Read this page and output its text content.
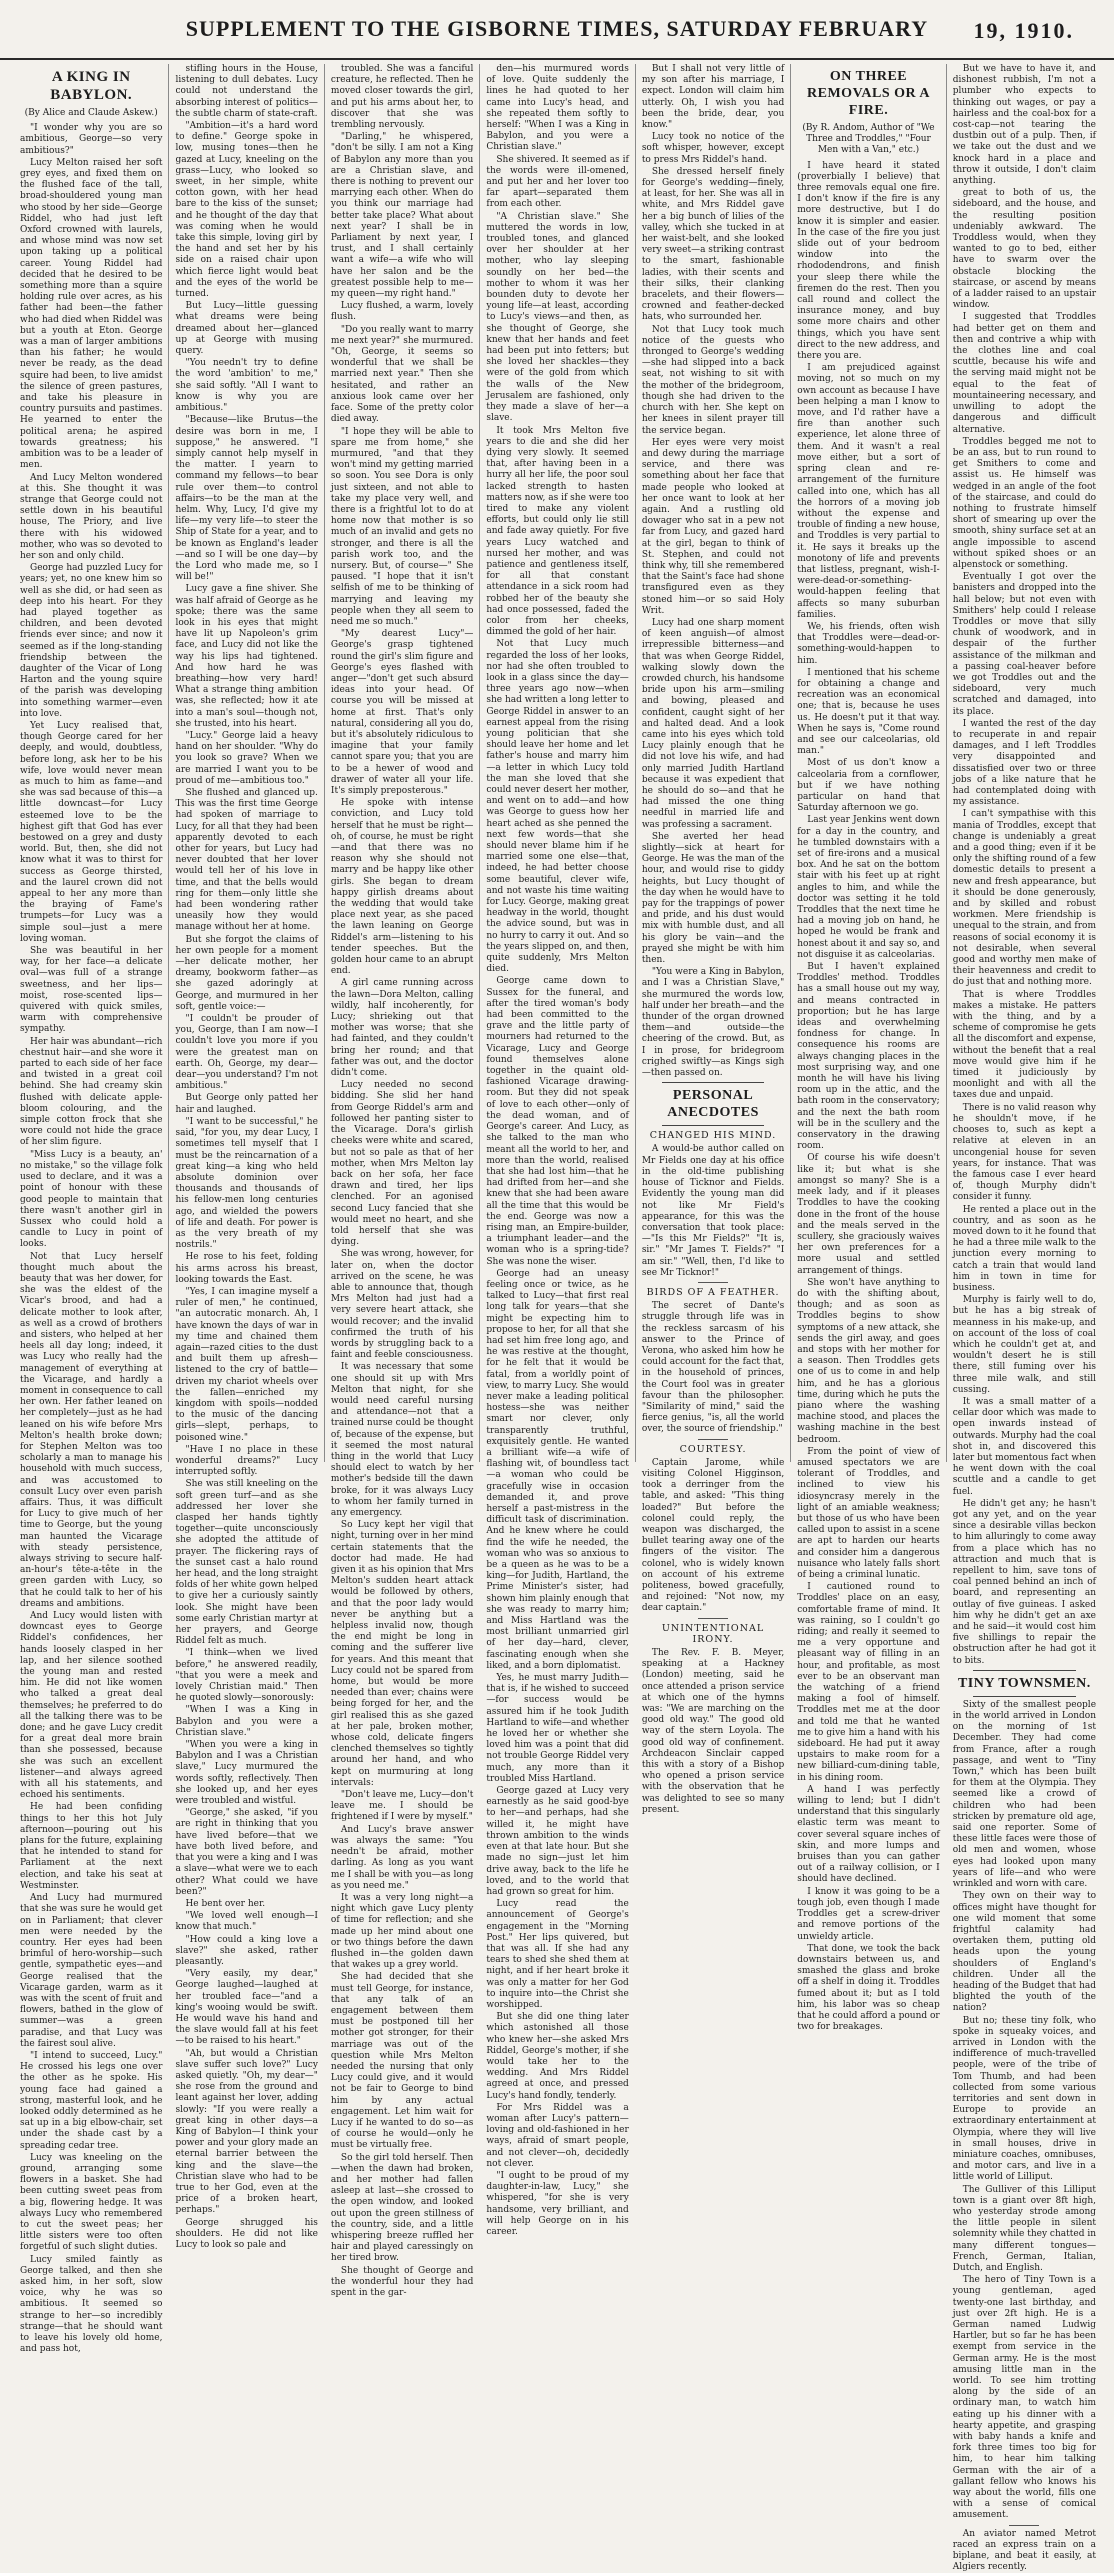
SUPPLEMENT TO THE GISBORNE TIMES, SATURDAY FEBRUARY 19, 1910.
A KING IN BABYLON.
(By Alice and Claude Askew.)

"I wonder why you are so ambitious, George—so very ambitious?"

Lucy Melton raised her soft grey eyes, and fixed them on the flushed face of the tall, broad-shouldered young man who stood by her side—George Riddel, who had just left Oxford crowned with laurels, and whose mind was now set upon taking up a political career. Young Riddel had decided that he desired to be something more than a squire holding rule over acres, as his father had been—the father who had died when Riddel was but a youth at Eton. George was a man of larger ambitions than his father; he would never be ready, as the dead squire had been, to live amidst the silence of green pastures, and take his pleasure in country pursuits and pastimes. He yearned to enter the political arena; he aspired towards greatness; his ambition was to be a leader of men.

And Lucy Melton wondered at this. She thought it was strange that George could not settle down in his beautiful house, The Priory, and live there with his widowed mother, who was so devoted to her son and only child.

George had puzzled Lucy for years; yet, no one knew him so well as she did, or had seen as deep into his heart. For they had played together as children, and been devoted friends ever since; and now it seemed as if the long-standing friendship between the daughter of the Vicar of Long Harton and the young squire of the parish was developing into something warmer—even into love.

Yet Lucy realised that, though George cared for her deeply, and would, doubtless, before long, ask her to be his wife, love would never mean as much to him as fame—and she was sad because of this—a little downcast—for Lucy esteemed love to be the highest gift that God has ever bestowed on a grey and dusty world. But, then, she did not know what it was to thirst for success as George thirsted, and the laurel crown did not appeal to her any more than the braying of Fame's trumpets—for Lucy was a simple soul—just a mere loving woman.

She was beautiful in her way, for her face—a delicate oval—was full of a strange sweetness, and her lips—moist, rose-scented lips—quivered with quick smiles, warm with comprehensive sympathy.

Her hair was abundant—rich chestnut hair—and she wore it parted to each side of her face and twisted in a great coil behind. She had creamy skin flushed with delicate apple-bloom colouring, and the simple cotton frock that she wore could not hide the grace of her slim figure.

"Miss Lucy is a beauty, an' no mistake," so the village folk used to declare, and it was a point of honour with these good people to maintain that there wasn't another girl in Sussex who could hold a candle to Lucy in point of looks.

Not that Lucy herself thought much about the beauty that was her dower, for she was the eldest of the Vicar's brood, and had a delicate mother to look after, as well as a crowd of brothers and sisters, who helped at her heels all day long; indeed, it was Lucy who really had the management of everything at the Vicarage, and hardly a moment in consequence to call her own. Her father leaned on her completely—just as he had leaned on his wife before Mrs Melton's health broke down; for Stephen Melton was too scholarly a man to manage his household with much success, and was accustomed to consult Lucy over even parish affairs. Thus, it was difficult for Lucy to give much of her time to George, but the young man haunted the Vicarage with steady persistence, always striving to secure half-an-hour's tête-a-tête in the green garden with Lucy, so that he could talk to her of his dreams and ambitions.

And Lucy would listen with downcast eyes to George Riddel's confidences, her hands loosely clasped in her lap, and her silence soothed the young man and rested him. He did not like women who talked a great deal themselves; he preferred to do all the talking there was to be done; and he gave Lucy credit for a great deal more brain than she possessed, because she was such an excellent listener—and always agreed with all his statements, and echoed his sentiments.

He had been confiding things to her this hot July afternoon—pouring out his plans for the future, explaining that he intended to stand for Parliament at the next election, and take his seat at Westminster.

And Lucy had murmured that she was sure he would get on in Parliament; that clever men were needed by the country. Her eyes had been brimful of hero-worship—such gentle, sympathetic eyes—and George realised that the Vicarage garden, warm as it was with the scent of fruit and flowers, bathed in the glow of summer—was a green paradise, and that Lucy was the fairest soul alive.

"I intend to succeed, Lucy." He crossed his legs one over the other as he spoke. His young face had gained a strong, masterful look, and he looked oddly determined as he sat up in a big elbow-chair, set under the shade cast by a spreading cedar tree.

Lucy was kneeling on the ground, arranging some flowers in a basket. She had been cutting sweet peas from a big, flowering hedge. It was always Lucy who remembered to cut the sweet peas; her little sisters were too often forgetful of such slight duties.

Lucy smiled faintly as George talked, and then she asked him, in her soft, slow voice, why he was so ambitious. It seemed so strange to her—so incredibly strange—that he should want to leave his lovely old home, and pass hot,

stifling hours in the House, listening to dull debates. Lucy could not understand the absorbing interest of politics—the subtle charm of state-craft.

"Ambition—it's a hard word to define." George spoke in low, musing tones—then he gazed at Lucy, kneeling on the grass—Lucy, who looked so sweet, in her simple, white cotton gown, with her head bare to the kiss of the sunset; and he thought of the day that was coming when he would take this simple, loving girl by the hand and set her by his side on a raised chair upon which fierce light would beat and the eyes of the world be turned.

But Lucy—little guessing what dreams were being dreamed about her—glanced up at George with musing query.

"You needn't try to define the word 'ambition' to me," she said softly. "All I want to know is why you are ambitious."

"Because—like Brutus—the desire was born in me, I suppose," he answered. "I simply cannot help myself in the matter. I yearn to command my fellows—to bear rule over them—to control affairs—to be the man at the helm. Why, Lucy, I'd give my life—my very life—to steer the Ship of State for a year, and to be known as England's leader—and so I will be one day—by the Lord who made me, so I will be!"

Lucy gave a fine shiver. She was half afraid of George as he spoke; there was the same look in his eyes that might have lit up Napoleon's grim face, and Lucy did not like the way his lips had tightened. And how hard he was breathing—how very hard! What a strange thing ambition was, she reflected; how it ate into a man's soul—though not, she trusted, into his heart.

"Lucy." George laid a heavy hand on her shoulder. "Why do you look so grave? When we are married I want you to be proud of me—ambitious too."

She flushed and glanced up. This was the first time George had spoken of marriage to Lucy, for all that they had been apparently devoted to each other for years, but Lucy had never doubted that her lover would tell her of his love in time, and that the bells would ring for them—only little she had been wondering rather uneasily how they would manage without her at home.

But she forgot the claims of her own people for a moment—her delicate mother, her dreamy, bookworm father—as she gazed adoringly at George, and murmured in her soft, gentle voice:—

"I couldn't be prouder of you, George, than I am now—I couldn't love you more if you were the greatest man on earth. Oh, George, my dear—dear—you understand? I'm not ambitious."

But George only patted her hair and laughed.

"I want to be successful," he said, "for you, my dear Lucy, I sometimes tell myself that I must be the reincarnation of a great king—a king who held absolute dominion over thousands and thousands of his fellow-men long centuries ago, and wielded the powers of life and death. For power is as the very breath of my nostrils."

He rose to his feet, folding his arms across his breast, looking towards the East.

"Yes, I can imagine myself a ruler of men," he continued, "an autocratic monarch. Ah, I have known the days of war in my time and chained them again—razed cities to the dust and built them up afresh—listened to the cry of battle—driven my chariot wheels over the fallen—enriched my kingdom with spoils—nodded to the music of the dancing girls—slept, perhaps, to poisoned wine."

"Have I no place in these wonderful dreams?" Lucy interrupted softly.

She was still kneeling on the soft green turf—and as she addressed her lover she clasped her hands tightly together—quite unconsciously she adopted the attitude of prayer. The flickering rays of the sunset cast a halo round her head, and the long straight folds of her white gown helped to give her a curiously saintly look. She might have been some early Christian martyr at her prayers, and George Riddel felt as much.

"I think—when we lived before," he answered readily, "that you were a meek and lovely Christian maid." Then he quoted slowly—sonorously:

"When I was a King in Babylon and you were a Christian slave."

"When you were a king in Babylon and I was a Christian slave," Lucy murmured the words softly, reflectively. Then she looked up, and her eyes were troubled and wistful.

"George," she asked, "if you are right in thinking that you have lived before—that we have both lived before, and that you were a king and I was a slave—what were we to each other? What could we have been?"

He bent over her.

"We loved well enough—I know that much."

"How could a king love a slave?" she asked, rather pleasantly.

"Very easily, my dear," George laughed—laughed at her troubled face—"and a king's wooing would be swift. He would wave his hand and the slave would fall at his feet—to be raised to his heart."

"Ah, but would a Christian slave suffer such love?" Lucy asked quietly. "Oh, my dear—" she rose from the ground and leant against her lover, adding slowly: "If you were really a great king in other days—a King of Babylon—I think your power and your glory made an eternal barrier between the king and the slave—the Christian slave who had to be true to her God, even at the price of a broken heart, perhaps."

George shrugged his shoulders. He did not like Lucy to look so pale and

troubled. She was a fanciful creature, he reflected. Then he moved closer towards the girl, and put his arms about her, to discover that she was trembling nervously.

"Darling," he whispered, "don't be silly. I am not a King of Babylon any more than you are a Christian slave, and there is nothing to prevent our marrying each other. When do you think our marriage had better take place? What about next year? I shall be in Parliament by next year, I trust, and I shall certainly want a wife—a wife who will have her salon and be the greatest possible help to me—my queen—my right hand."

Lucy flushed, a warm, lovely flush.

"Do you really want to marry me next year?" she murmured. "Oh, George, it seems so wonderful that we shall be married next year." Then she hesitated, and rather an anxious look came over her face. Some of the pretty color died away.

"I hope they will be able to spare me from home," she murmured, "and that they won't mind my getting married so soon. You see Dora is only just sixteen, and not able to take my place very well, and there is a frightful lot to do at home now that mother is so much of an invalid and gets no stronger, and there is all the parish work too, and the nursery. But, of course—" She paused. "I hope that it isn't selfish of me to be thinking of marrying and leaving my people when they all seem to need me so much."

"My dearest Lucy"—George's grasp tightened round the girl's slim figure and George's eyes flashed with anger—"don't get such absurd ideas into your head. Of course you will be missed at home at first. That's only natural, considering all you do, but it's absolutely ridiculous to imagine that your family cannot spare you; that you are to be a hewer of wood and drawer of water all your life. It's simply preposterous."

He spoke with intense conviction, and Lucy told herself that he must be right—oh, of course, he must be right—and that there was no reason why she should not marry and be happy like other girls. She began to dream happy girlish dreams about the wedding that would take place next year, as she paced the lawn leaning on George Riddel's arm—listening to his tender speeches. But the golden hour came to an abrupt end.

A girl came running across the lawn—Dora Melton, calling wildly, half incoherently, for Lucy; shrieking out that mother was worse; that she had fainted, and they couldn't bring her round; and that father was out, and the doctor didn't come.

Lucy needed no second bidding. She slid her hand from George Riddel's arm and followed her panting sister to the Vicarage. Dora's girlish cheeks were white and scared, but not so pale as that of her mother, when Mrs Melton lay back on her sofa, her face drawn and tired, her lips clenched. For an agonised second Lucy fancied that she would meet no heart, and she told herself that she was dying.

She was wrong, however, for later on, when the doctor arrived on the scene, he was able to announce that, though Mrs Melton had just had a very severe heart attack, she would recover; and the invalid confirmed the truth of his words by struggling back to a faint and feeble consciousness.

It was necessary that some one should sit up with Mrs Melton that night, for she would need careful nursing and attendance—not that a trained nurse could be thought of, because of the expense, but it seemed the most natural thing in the world that Lucy should elect to watch by her mother's bedside till the dawn broke, for it was always Lucy to whom her family turned in any emergency.

So Lucy kept her vigil that night, turning over in her mind certain statements that the doctor had made. He had given it as his opinion that Mrs Melton's sudden heart attack would be followed by others, and that the poor lady would never be anything but a helpless invalid now, though the end might be long in coming and the sufferer live for years. And this meant that Lucy could not be spared from home, but would be more needed than ever; chains were being forged for her, and the girl realised this as she gazed at her pale, broken mother, whose cold, delicate fingers clenched themselves so tightly around her hand, and who kept on murmuring at long intervals:

"Don't leave me, Lucy—don't leave me. I should be frightened if I were by myself."

And Lucy's brave answer was always the same: "You needn't be afraid, mother darling. As long as you want me I shall be with you—as long as you need me."

It was a very long night—a night which gave Lucy plenty of time for reflection; and she made up her mind about one or two things before the dawn flushed in—the golden dawn that wakes up a grey world.

She had decided that she must tell George, for instance, that any talk of an engagement between them must be postponed till her mother got stronger, for their marriage was out of the question while Mrs Melton needed the nursing that only Lucy could give, and it would not be fair to George to bind him by any actual engagement. Let him wait for Lucy if he wanted to do so—as of course he would—only he must be virtually free.

So the girl told herself. Then—when the dawn had broken, and her mother had fallen asleep at last—she crossed to the open window, and looked out upon the green stillness of the country, side, and a little whispering breeze ruffled her hair and played caressingly on her tired brow.

She thought of George and the wonderful hour they had spent in the gar-

den—his murmured words of love. Quite suddenly the lines he had quoted to her came into Lucy's head, and she repeated them softly to herself: "When I was a King in Babylon, and you were a Christian slave."

She shivered. It seemed as if the words were ill-omened, and put her and her lover too far apart—separated them from each other.

"A Christian slave." She muttered the words in low, troubled tones, and glanced over her shoulder at her mother, who lay sleeping soundly on her bed—the mother to whom it was her bounden duty to devote her young life—at least, according to Lucy's views—and then, as she thought of George, she knew that her hands and feet had been put into fetters; but she loved her shackles—they were of the gold from which the walls of the New Jerusalem are fashioned, only they made a slave of her—a slave.

It took Mrs Melton five years to die and she did her dying very slowly. It seemed that, after having been in a hurry all her life, the poor soul lacked strength to hasten matters now, as if she were too tired to make any violent efforts, but could only lie still and fade away quietly. For five years Lucy watched and nursed her mother, and was patience and gentleness itself, for all that constant attendance in a sick room had robbed her of the beauty she had once possessed, faded the color from her cheeks, dimmed the gold of her hair.

Not that Lucy much regarded the loss of her looks, nor had she often troubled to look in a glass since the day—three years ago now—when she had written a long letter to George Riddel in answer to an earnest appeal from the rising young politician that she should leave her home and let father's house and marry him—a letter in which Lucy told the man she loved that she could never desert her mother, and went on to add—and how was George to guess how her heart ached as she penned the next few words—that she should never blame him if he married some one else—that, indeed, he had better choose some beautiful, clever wife, and not waste his time waiting for Lucy. George, making great headway in the world, thought the advice sound, but was in no hurry to carry it out. And so the years slipped on, and then, quite suddenly, Mrs Melton died.

George came down to Sussex for the funeral, and after the tired woman's body had been committed to the grave and the little party of mourners had returned to the Vicarage, Lucy and George found themselves alone together in the quaint old-fashioned Vicarage drawing-room. But they did not speak of love to each other—only of the dead woman, and of George's career. And Lucy, as she talked to the man who meant all the world to her, and more than the world, realised that she had lost him—that he had drifted from her—and she knew that she had been aware all the time that this would be the end. George was now a rising man, an Empire-builder, a triumphant leader—and the woman who is a spring-tide? She was none the wiser.

George had an uneasy feeling once or twice, as he talked to Lucy—that first real long talk for years—that she might be expecting him to propose to her, for all that she had set him free long ago, and he was restive at the thought, for he felt that it would be fatal, from a worldly point of view, to marry Lucy. She would never make a leading political hostess—she was neither smart nor clever, only transparently truthful, exquisitely gentle. He wanted a brilliant wife—a wife of flashing wit, of boundless tact—a woman who could be gracefully wise in occasion demanded it, and prove herself a past-mistress in the difficult task of discrimination. And he knew where he could find the wife he needed, the woman who was so anxious to be a queen as he was to be a king—for Judith, Hartland, the Prime Minister's sister, had shown him plainly enough that she was ready to marry him; and Miss Hartland was the most brilliant unmarried girl of her day—hard, clever, fascinating enough when she liked, and a born diplomatist.

Yes, he must marry Judith—that is, if he wished to succeed—for success would be assured him if he took Judith Hartland to wife—and whether he loved her or whether she loved him was a point that did not trouble George Riddel very much, any more than it troubled Miss Hartland.

George gazed at Lucy very earnestly as he said good-bye to her—and perhaps, had she willed it, he might have thrown ambition to the winds even at that late hour. But she made no sign—just let him drive away, back to the life he loved, and to the world that had grown so great for him.

Lucy read the announcement of George's engagement in the "Morning Post." Her lips quivered, but that was all. If she had any tears to shed she shed them at night, and if her heart broke it was only a matter for her God to inquire into—the Christ she worshipped.

But she did one thing later which astonished all those who knew her—she asked Mrs Riddel, George's mother, if she would take her to the wedding. And Mrs Riddel agreed at once, and pressed Lucy's hand fondly, tenderly.

For Mrs Riddel was a woman after Lucy's pattern—loving and old-fashioned in her ways, afraid of smart people, and not clever—oh, decidedly not clever.

"I ought to be proud of my daughter-in-law, Lucy," she whispered, "for she is very handsome, very brilliant, and will help George on in his career.

But I shall not very little of my son after his marriage, I expect. London will claim him utterly. Oh, I wish you had been the bride, dear, you know."

Lucy took no notice of the soft whisper, however, except to press Mrs Riddel's hand.

She dressed herself finely for George's wedding—finely, at least, for her. She was all in white, and Mrs Riddel gave her a big bunch of lilies of the valley, which she tucked in at her waist-belt, and she looked very sweet—a striking contrast to the smart, fashionable ladies, with their scents and their silks, their clanking bracelets, and their flowers—crowned and feather-decked hats, who surrounded her.

Not that Lucy took much notice of the guests who thronged to George's wedding—she had slipped into a back seat, not wishing to sit with the mother of the bridegroom, though she had driven to the church with her. She kept on her knees in silent prayer till the service began.

Her eyes were very moist and dewy during the marriage service, and there was something about her face that made people who looked at her once want to look at her again. And a rustling old dowager who sat in a pew not far from Lucy, and gazed hard at the girl, began to think of St. Stephen, and could not think why, till she remembered that the Saint's face had shone transfigured even as they stoned him—or so said Holy Writ.

Lucy had one sharp moment of keen anguish—of almost irrepressible bitterness—and that was when George Riddel, walking slowly down the crowded church, his handsome bride upon his arm—smiling and bowing, pleased and confident, caught sight of her and halted dead. And a look came into his eyes which told Lucy plainly enough that he did not love his wife, and had only married Judith Hartland because it was expedient that he should do so—and that he had missed the one thing needful in married life and was professing a sacrament.

She averted her head slightly—sick at heart for George. He was the man of the hour, and would rise to giddy heights, but Lucy thought of the day when he would have to pay for the trappings of power and pride, and his dust would mix with humble dust, and all his glory be vain—and the prayed she might be with him then.

"You were a King in Babylon, and I was a Christian Slave," she murmured the words low, half under her breath—and the thunder of the organ drowned them—and outside—the cheering of the crowd. But, as I in prose, for bridegroom crighed swiftly—as Kings sigh—then passed on.

PERSONAL ANECDOTES
CHANGED HIS MIND.

A would-be author called on Mr Fields one day at his office in the old-time publishing house of Ticknor and Fields. Evidently the young man did not like Mr Field's appearance, for this was the conversation that took place:—"Is this Mr Fields?" "It is, sir." "Mr James T. Fields?" "I am sir." "Well, then, I'd like to see Mr Ticknor!"

BIRDS OF A FEATHER.

The secret of Dante's struggle through life was in the reckless sarcasm of his answer to the Prince of Verona, who asked him how he could account for the fact that, in the household of princes, the Court fool was in greater favour than the philosopher. "Similarity of mind," said the fierce genius, "is, all the world over, the source of friendship."

COURTESY.

Captain Jarome, while visiting Colonel Higginson, took a derringer from the table, and asked: "This thing loaded?" But before the colonel could reply, the weapon was discharged, the bullet tearing away one of the fingers of the visitor. The colonel, who is widely known on account of his extreme politeness, bowed gracefully, and rejoined: "Not now, my dear captain."

UNINTENTIONAL IRONY.

The Rev. F. B. Meyer, speaking at a Hackney (London) meeting, said he once attended a prison service at which one of the hymns was: "We are marching on the good old way." The good old way of the stern Loyola. The good old way of confinement. Archdeacon Sinclair capped this with a story of a Bishop who opened a prison service with the observation that he was delighted to see so many present.

ON THREE REMOVALS OR A FIRE.
(By R. Andom, Author of "We Three and Troddles," "Four Men with a Van," etc.)

I have heard it stated (proverbially I believe) that three removals equal one fire. I don't know if the fire is any more destructive, but I do know it is simpler and easier. In the case of the fire you just slide out of your bedroom window into the rhododendrons, and finish your sleep there while the firemen do the rest. Then you call round and collect the insurance money, and buy some more chairs and other things, which you have sent direct to the new address, and there you are.

I am prejudiced against moving, not so much on my own account as because I have been helping a man I know to move, and I'd rather have a fire than another such experience, let alone three of them. And it wasn't a real move either, but a sort of spring clean and re-arrangement of the furniture called into one, which has all the horrors of a moving job without the expense and trouble of finding a new house, and Troddles is very partial to it. He says it breaks up the monotony of life and prevents that listless, pregnant, wish-I-were-dead-or-something-would-happen feeling that affects so many suburban families.

We, his friends, often wish that Troddles were—dead-or-something-would-happen to him.

I mentioned that his scheme for obtaining a change and recreation was an economical one; that is, because he uses us. He doesn't put it that way. When he says is, "Come round and see our calceolarias, old man."

Most of us don't know a calceolaria from a cornflower, but if we have nothing particular on hand that Saturday afternoon we go.

Last year Jenkins went down for a day in the country, and he tumbled downstairs with a set of fire-irons and a musical box. And he sat on the bottom stair with his feet up at right angles to him, and while the doctor was setting it he told Troddles that the next time he had a moving job on hand, he hoped he would be frank and honest about it and say so, and not disguise it as calceolarias.

But I haven't explained Troddles' method. Troddles has a small house out my way, and means contracted in proportion; but he has large ideas and overwhelming fondness for change. In consequence his rooms are always changing places in the most surprising way, and one month he will have his living room up in the attic, and the bath room in the conservatory; and the next the bath room will be in the scullery and the conservatory in the drawing room.

Of course his wife doesn't like it; but what is she amongst so many? She is a meek lady, and if it pleases Troddles to have the cooking done in the front of the house and the meals served in the scullery, she graciously waives her own preferences for a more usual and settled arrangement of things.

She won't have anything to do with the shifting about, though; and as soon as Troddles begins to show symptoms of a new attack, she sends the girl away, and goes and stops with her mother for a season. Then Troddles gets one of us to come in and help him, and he has a glorious time, during which he puts the piano where the washing machine stood, and places the washing machine in the best bedroom.

From the point of view of amused spectators we are tolerant of Troddles, and inclined to view his idiosyncrasy merely in the light of an amiable weakness; but those of us who have been called upon to assist in a scene are apt to harden our hearts and consider him a dangerous nuisance who lately falls short of being a criminal lunatic.

I cautioned round to Troddles' place on an easy, comfortable frame of mind. It was raining, so I couldn't go riding; and really it seemed to me a very opportune and pleasant way of filling in an hour, and profitable, as most ever to be an observant man the watching of a friend making a fool of himself. Troddles met me at the door and told me that he wanted me to give him a hand with his sideboard. He had put it away upstairs to make room for a new billiard-cum-dining table, in his dining room.

A hand I was perfectly willing to lend; but I didn't understand that this singularly elastic term was meant to cover several square inches of skin, and more lumps and bruises than you can gather out of a railway collision, or I should have declined.

I know it was going to be a tough job, even though I made Troddles get a screw-driver and remove portions of the unwieldy article.

That done, we took the back downstairs between us, and smashed the glass and broke off a shelf in doing it. Troddles fumed about it; but as I told him, his labor was so cheap that he could afford a pound or two for breakages.

But we have to have it, and dishonest rubbish, I'm not a plumber who expects to thinking out wages, or pay a hairless and the coal-box for a cost-cap—not tearing the dustbin out of a pulp. Then, if we take out the dust and we knock hard in a place and throw it outside, I don't claim anything.

great to both of us, the sideboard, and the house, and the resulting position undeniably awkward. The Troddless would, when they wanted to go to bed, either have to swarm over the obstacle blocking the staircase, or ascend by means of a ladder raised to an upstair window.

I suggested that Troddles had better get on them and then and contrive a whip with the clothes line and coal scuttle, because his wife and the serving maid might not be equal to the feat of mountaineering necessary, and unwilling to adopt the dangerous and difficult alternative.

Troddles begged me not to be an ass, but to run round to get Smithers to come and assist us. He himself was wedged in an angle of the foot of the staircase, and could do nothing to frustrate himself short of smearing up over the smooth, shiny surface set at an angle impossible to ascend without spiked shoes or an alpenstock or something.

Eventually I got over the banisters and dropped into the hall below; but not even with Smithers' help could I release Troddles or move that silly chunk of woodwork, and in despair of the further assistance of the milkman and a passing coal-heaver before we got Troddles out and the sideboard, very much scratched and damaged, into its place.

I wanted the rest of the day to recuperate in and repair damages, and I left Troddles very disappointed and dissatisfied over two or three jobs of a like nature that he had contemplated doing with my assistance.

I can't sympathise with this mania of Troddles, except that change is undeniably a great and a good thing; even if it be only the shifting round of a few domestic details to present a new and fresh appearance, but it should be done generously, and by skilled and robust workmen. Mere friendship is unequal to the strain, and from reasons of social economy it is not desirable, when several good and worthy men make of their heavenness and credit to do just that and nothing more.

That is where Troddles makes a mistake. He patters with the thing, and by a scheme of compromise he gets all the discomfort and expense, without the benefit that a real move would give him if he timed it judiciously by moonlight and with all the taxes due and unpaid.

There is no valid reason why he shouldn't move, if he chooses to, such as kept a relative at eleven in an uncongenial house for seven years, for instance. That was the famous case I ever heard of, though Murphy didn't consider it funny.

He rented a place out in the country, and as soon as he moved down to it he found that he had a three mile walk to the junction every morning to catch a train that would land him in town in time for business.

Murphy is fairly well to do, but he has a big streak of meanness in his make-up, and on account of the loss of coal which he couldn't get at, and wouldn't desert he is still there, still fuming over his three mile walk, and still cussing.

It was a small matter of a cellar door which was made to open inwards instead of outwards. Murphy had the coal shot in, and discovered this later but momentous fact when he went down with the coal scuttle and a candle to get fuel.

He didn't get any; he hasn't got any yet, and on the year since a desirable villas beckon to him alluringly to come away from a place which has no attraction and much that is repellent to him, save tons of coal penned behind an inch of board, and representing an outlay of five guineas. I asked him why he didn't get an axe and he said—it would cost him five shillings to repair the obstruction after he had got it to bits.

TINY TOWNSMEN.

Sixty of the smallest people in the world arrived in London on the morning of 1st December. They had come from France, after a rough passage, and went to "Tiny Town," which has been built for them at the Olympia. They seemed like a crowd of children who had been stricken by premature old age, said one reporter. Some of these little faces were those of old men and women, whose eyes had looked upon many years of life—and who were wrinkled and worn with care.

They own on their way to offices might have thought for one wild moment that some frightful calamity had overtaken them, putting old heads upon the young shoulders of England's children. Under all the heading of the Budget that had blighted the youth of the nation?

But no; these tiny folk, who spoke in squeaky voices, and arrived in London with the indifference of much-travelled people, were of the tribe of Tom Thumb, and had been collected from some various territories and sent down in Europe to provide an extraordinary entertainment at Olympia, where they will live in small houses, drive in miniature coaches, omnibuses, and motor cars, and live in a little world of Lilliput.

The Gulliver of this Lilliput town is a giant over 8ft high, who yesterday strode among the little people in silent solemnity while they chatted in many different tongues—French, German, Italian, Dutch, and English.

The hero of Tiny Town is a young gentleman, aged twenty-one last birthday, and just over 2ft high. He is a German named Ludwig Hartler, but so far he has been exempt from service in the German army. He is the most amusing little man in the world. To see him trotting along by the side of an ordinary man, to watch him eating up his dinner with a hearty appetite, and grasping with baby hands a knife and fork three times too big for him, to hear him talking German with the air of a gallant fellow who knows his way about the world, fills one with a sense of comical amusement.

An aviator named Metrot raced an express train on a biplane, and beat it easily, at Algiers recently.
